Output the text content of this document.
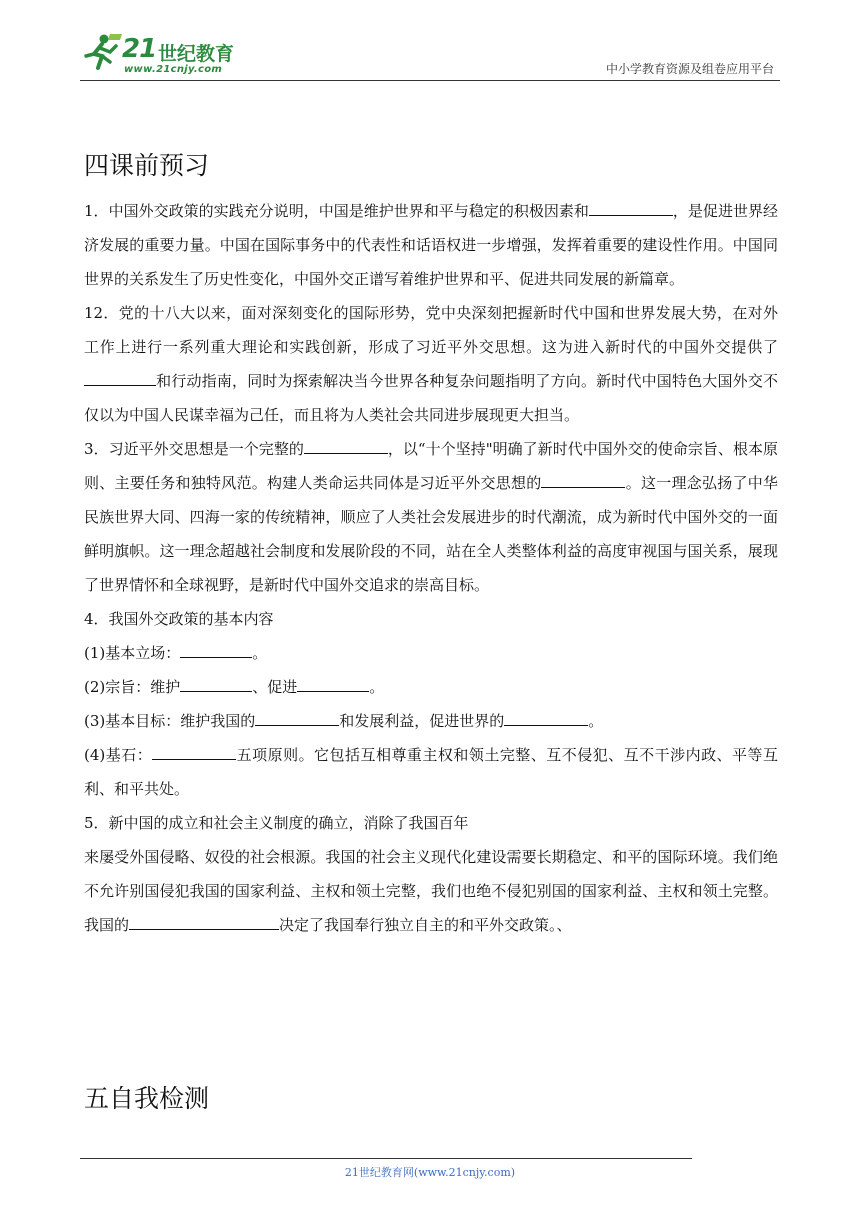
21 世纪教育
www.21cnjy.com	中小学教育资源及组卷应用平台
四课前预习

1．中国外交政策的实践充分说明，中国是维护世界和平与稳定的积极因素和	，是促进世界经济发展的重要力量。中国在国际事务中的代表性和话语权进一步增强，发挥着重要的建设性作用。中国同世界的关系发生了历史性变化，中国外交正谱写着维护世界和平、促进共同发展的新篇章。

12．党的十八大以来，面对深刻变化的国际形势，党中央深刻把握新时代中国和世界发展大势，在对外工作上进行一系列重大理论和实践创新，形成了习近平外交思想。这为进入新时代的中国外交提供了和行动指南，同时为探索解决当今世界各种复杂问题指明了方向。新时代中国特色大国外交不仅以为中国人民谋幸福为己任，而且将为人类社会共同进步展现更大担当。

3．习近平外交思想是一个完整的	，以“十个坚持"明确了新时代中国外交的使命宗旨、根本原则、主要任务和独特风范。构建人类命运共同体是习近平外交思想的	。这一理念弘扬了中华民族世界大同、四海一家的传统精神，顺应了人类社会发展进步的时代潮流，成为新时代中国外交的一面鲜明旗帜。这一理念超越社会制度和发展阶段的不同，站在全人类整体利益的高度审视国与国关系，展现了世界情怀和全球视野，是新时代中国外交追求的崇高目标。

4．我国外交政策的基本内容

(1)基本立场：	。

(2)宗旨：维护	、促进	。

(3)基本目标：维护我国的	和发展利益，促进世界的	。

(4)基石：	五项原则。它包括互相尊重主权和领土完整、互不侵犯、互不干涉内政、平等互利、和平共处。

5．新中国的成立和社会主义制度的确立，消除了我国百年
来屡受外国侵略、奴役的社会根源。我国的社会主义现代化建设需要长期稳定、和平的国际环境。我们绝不允许别国侵犯我国的国家利益、主权和领土完整，我们也绝不侵犯别国的国家利益、主权和领土完整。我国的	决定了我国奉行独立自主的和平外交政策。、

五自我检测
21世纪教育网(www.21cnjy.com)
